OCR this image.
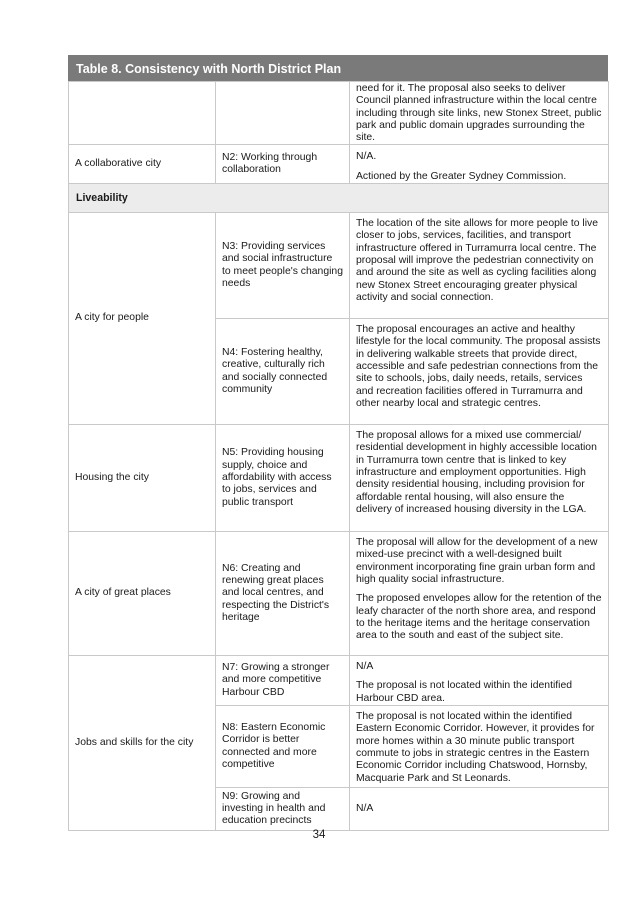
Table 8. Consistency with North District Plan

		need for it. The proposal also seeks to deliver Council planned infrastructure within the local centre including through site links, new Stonex Street, public park and public domain upgrades surrounding the site.

A collaborative city	N2: Working through collaboration	N/A.

Actioned by the Greater Sydney Commission.

Liveability		
A city for people	N3: Providing services and social infrastructure to meet people's changing needs	The location of the site allows for more people to live closer to jobs, services, facilities, and transport infrastructure offered in Turramurra local centre. The proposal will improve the pedestrian connectivity on and around the site as well as cycling facilities along new Stonex Street encouraging greater physical activity and social connection.

	N4: Fostering healthy, creative, culturally rich and socially connected community	The proposal encourages an active and healthy lifestyle for the local community. The proposal assists in delivering walkable streets that provide direct, accessible and safe pedestrian connections from the site to schools, jobs, daily needs, retails, services and recreation facilities offered in Turramurra and other nearby local and strategic centres.

Housing the city	N5: Providing housing supply, choice and affordability with access to jobs, services and public transport	The proposal allows for a mixed use commercial/ residential development in highly accessible location in Turramurra town centre that is linked to key infrastructure and employment opportunities. High density residential housing, including provision for affordable rental housing, will also ensure the delivery of increased housing diversity in the LGA.

A city of great places	N6: Creating and renewing great places and local centres, and respecting the District's heritage	The proposal will allow for the development of a new mixed-use precinct with a well-designed built environment incorporating fine grain urban form and high quality social infrastructure.

The proposed envelopes allow for the retention of the leafy character of the north shore area, and respond to the heritage items and the heritage conservation area to the south and east of the subject site.

Jobs and skills for the city	N7: Growing a stronger and more competitive Harbour CBD	N/A

The proposal is not located within the identified Harbour CBD area.

	N8: Eastern Economic Corridor is better connected and more competitive	The proposal is not located within the identified Eastern Economic Corridor. However, it provides for more homes within a 30 minute public transport commute to jobs in strategic centres in the Eastern Economic Corridor including Chatswood, Hornsby, Macquarie Park and St Leonards.

	N9: Growing and investing in health and education precincts	N/A

34
